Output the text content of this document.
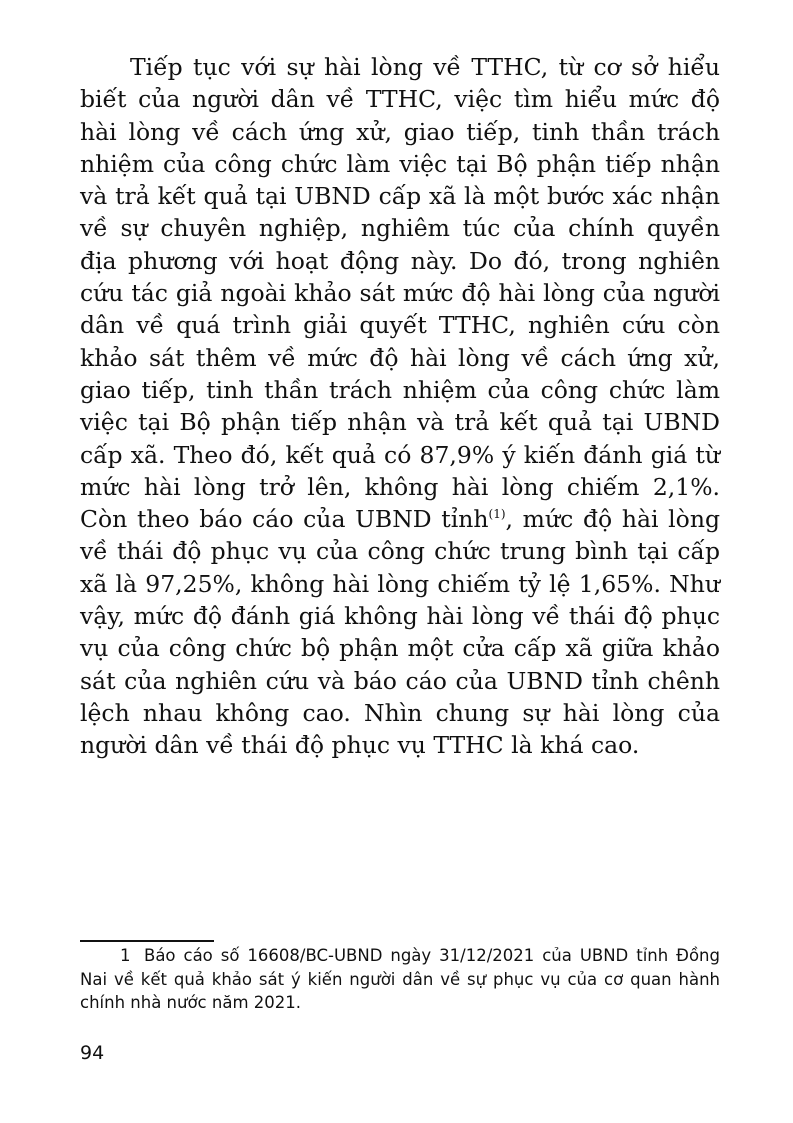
Tiếp tục với sự hài lòng về TTHC, từ cơ sở hiểu biết của người dân về TTHC, việc tìm hiểu mức độ hài lòng về cách ứng xử, giao tiếp, tinh thần trách nhiệm của công chức làm việc tại Bộ phận tiếp nhận và trả kết quả tại UBND cấp xã là một bước xác nhận về sự chuyên nghiệp, nghiêm túc của chính quyền địa phương với hoạt động này. Do đó, trong nghiên cứu tác giả ngoài khảo sát mức độ hài lòng của người dân về quá trình giải quyết TTHC, nghiên cứu còn khảo sát thêm về mức độ hài lòng về cách ứng xử, giao tiếp, tinh thần trách nhiệm của công chức làm việc tại Bộ phận tiếp nhận và trả kết quả tại UBND cấp xã. Theo đó, kết quả có 87,9% ý kiến đánh giá từ mức hài lòng trở lên, không hài lòng chiếm 2,1%. Còn theo báo cáo của UBND tỉnh$^{(1)}$, mức độ hài lòng về thái độ phục vụ của công chức trung bình tại cấp xã là 97,25%, không hài lòng chiếm tỷ lệ 1,65%. Như vậy, mức độ đánh giá không hài lòng về thái độ phục vụ của công chức bộ phận một cửa cấp xã giữa khảo sát của nghiên cứu và báo cáo của UBND tỉnh chênh lệch nhau không cao. Nhìn chung sự hài lòng của người dân về thái độ phục vụ TTHC là khá cao.

1 Báo cáo số 16608/BC-UBND ngày 31/12/2021 của UBND tỉnh Đồng Nai về kết quả khảo sát ý kiến người dân về sự phục vụ của cơ quan hành chính nhà nước năm 2021.

94
